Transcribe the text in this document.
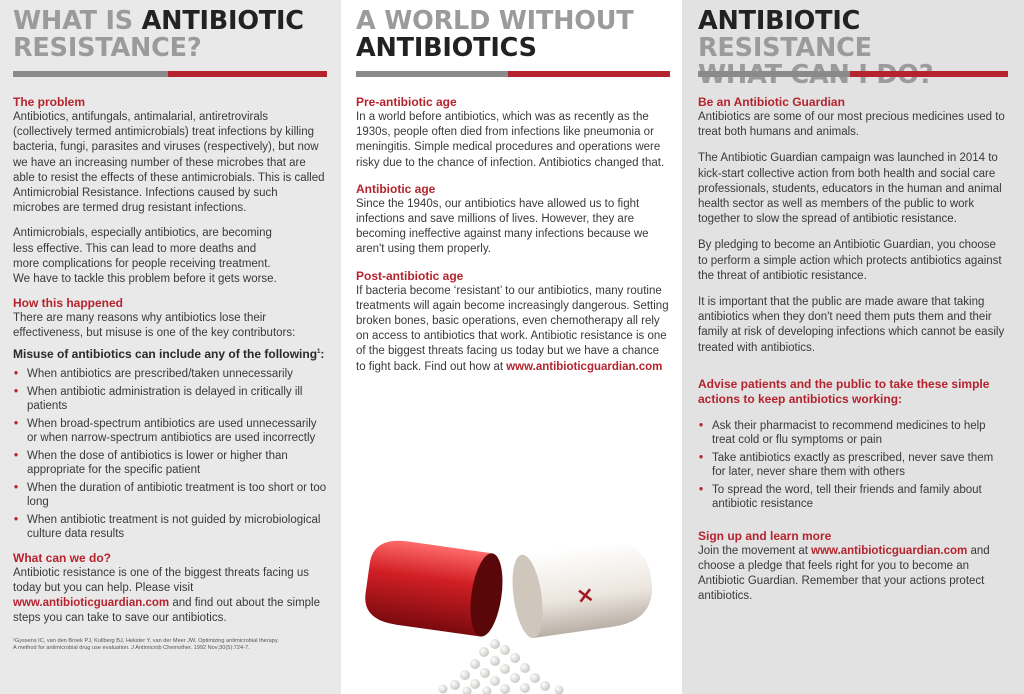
WHAT IS ANTIBIOTIC
RESISTANCE?
The problem
Antibiotics, antifungals, antimalarial, antiretrovirals (collectively termed antimicrobials) treat infections by killing bacteria, fungi, parasites and viruses (respectively), but now we have an increasing number of these microbes that are able to resist the effects of these antimicrobials. This is called Antimicrobial Resistance. Infections caused by such microbes are termed drug resistant infections.
Antimicrobials, especially antibiotics, are becoming
less effective. This can lead to more deaths and
more complications for people receiving treatment.
We have to tackle this problem before it gets worse.
How this happened
There are many reasons why antibiotics lose their effectiveness, but misuse is one of the key contributors:
Misuse of antibiotics can include any of the following$^1$:
• When antibiotics are prescribed/taken unnecessarily
• When antibiotic administration is delayed in critically ill patients
• When broad-spectrum antibiotics are used unnecessarily or when narrow-spectrum antibiotics are used incorrectly
• When the dose of antibiotics is lower or higher than appropriate for the specific patient
• When the duration of antibiotic treatment is too short or too long
• When antibiotic treatment is not guided by microbiological culture data results
What can we do?
Antibiotic resistance is one of the biggest threats facing us today but you can help. Please visit www.antibioticguardian.com and find out about the simple steps you can take to save our antibiotics.
¹Gyssens IC, van den Broek PJ, Kullberg BJ, Hekster Y, van der Meer JW. Optimizing antimicrobial therapy.
A method for antimicrobial drug use evaluation. J Antimicrob Chemother. 1992 Nov;30(5):724-7.
A WORLD WITHOUT
ANTIBIOTICS
Pre-antibiotic age
In a world before antibiotics, which was as recently as the 1930s, people often died from infections like pneumonia or meningitis. Simple medical procedures and operations were risky due to the chance of infection. Antibiotics changed that.
Antibiotic age
Since the 1940s, our antibiotics have allowed us to fight infections and save millions of lives. However, they are becoming ineffective against many infections because we aren't using them properly.
Post-antibiotic age
If bacteria become ‘resistant’ to our antibiotics, many routine treatments will again become increasingly dangerous. Setting broken bones, basic operations, even chemotherapy all rely on access to antibiotics that work. Antibiotic resistance is one of the biggest threats facing us today but we have a chance to fight back. Find out how at www.antibioticguardian.com
×
ANTIBIOTIC RESISTANCE

Be an Antibiotic Guardian
Antibiotics are some of our most precious medicines used to treat both humans and animals.
The Antibiotic Guardian campaign was launched in 2014 to kick-start collective action from both health and social care professionals, students, educators in the human and animal health sector as well as members of the public to work together to slow the spread of antibiotic resistance.
By pledging to become an Antibiotic Guardian, you choose to perform a simple action which protects antibiotics against the threat of antibiotic resistance.
It is important that the public are made aware that taking antibiotics when they don't need them puts them and their family at risk of developing infections which cannot be easily treated with antibiotics.
Advise patients and the public to take these simple actions to keep antibiotics working:
• Ask their pharmacist to recommend medicines to help treat cold or flu symptoms or pain
• Take antibiotics exactly as prescribed, never save them for later, never share them with others
• To spread the word, tell their friends and family about antibiotic resistance
Sign up and learn more
Join the movement at www.antibioticguardian.com and choose a pledge that feels right for you to become an Antibiotic Guardian. Remember that your actions protect antibiotics.
